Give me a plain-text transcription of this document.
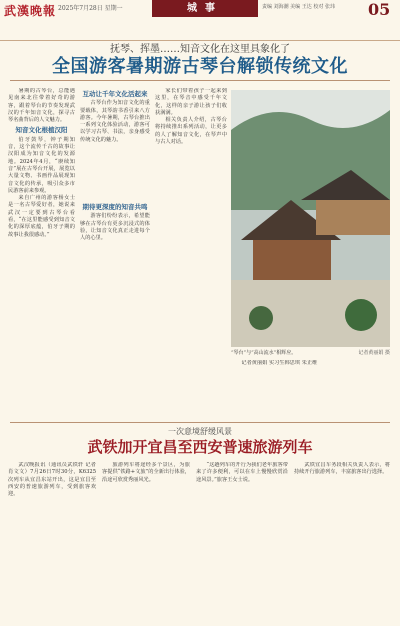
武漢晚報 2025年7月28日 星期一	城事	责编 刘海潮 美编 王达 校对 张玮 05
抚琴、挥墨……知音文化在这里具象化了
全国游客暑期游古琴台解锁传统文化

暑期的古琴台，总能遇见南来北往带着好奇的游客，跟着琴台的节奏发现武汉的千年知音文化，探寻古琴名曲背后的人文魅力。

知音文化根植汉阳

伯牙鼓琴，钟子期知音，这个流传千古的故事让汉阳成为知音文化的发源地。2024年4月，“赓续知音”展在古琴台开展，展览以大量文物、书画作品展现知音文化的传承，吸引众多市民游客前来参观。

来自广州的游客杨女士是一名古琴爱好者，她说来武汉一定要到古琴台看看，“在这里能感受到知音文化的深厚底蕴，伯牙子期的故事让我很感动。”

互动让千年文化活起来

古琴台作为知音文化的重要载体，其琴韵书香引来八方游客。今年暑期，古琴台推出一系列文化体验活动，游客可以学习古琴、书法，亲身感受传统文化的魅力。

期待更深度的知音共鸣

游客们纷纷表示，希望能够在古琴台有更多沉浸式的体验，让知音文化真正走进每个人的心里。

家长们带着孩子一起来到这里，在琴音中感受千年文化，这样的亲子游让孩子们收获满满。

相关负责人介绍，古琴台将持续推出系列活动，让更多的人了解知音文化，在琴声中与古人对话。

“琴台”与“高山流水”相辉应。	记者黄丽娟 摄

记者黄丽娟 实习生韩思琪 朱正维

一次意境舒缓风景
武铁加开宜昌至西安普速旅游列车

武汉晚报讯（通讯员武铁轩 记者肖文文）7月26日7时30分，K6325次列车从宜昌东站开出，这是宜昌至西安的普速旅游列车，受到旅客欢迎。

旅游列车将途经多个景区，为旅客提供“铁路+文旅”的全新出行体验，沿途可欣赏秀丽风光。

“这趟列车的开行为我们老年旅客带来了许多便利，可以在车上慢慢欣赏沿途风景。”旅客王女士说。

武铁宜昌车务段相关负责人表示，将持续开行旅游列车，丰富旅客出行选择。
